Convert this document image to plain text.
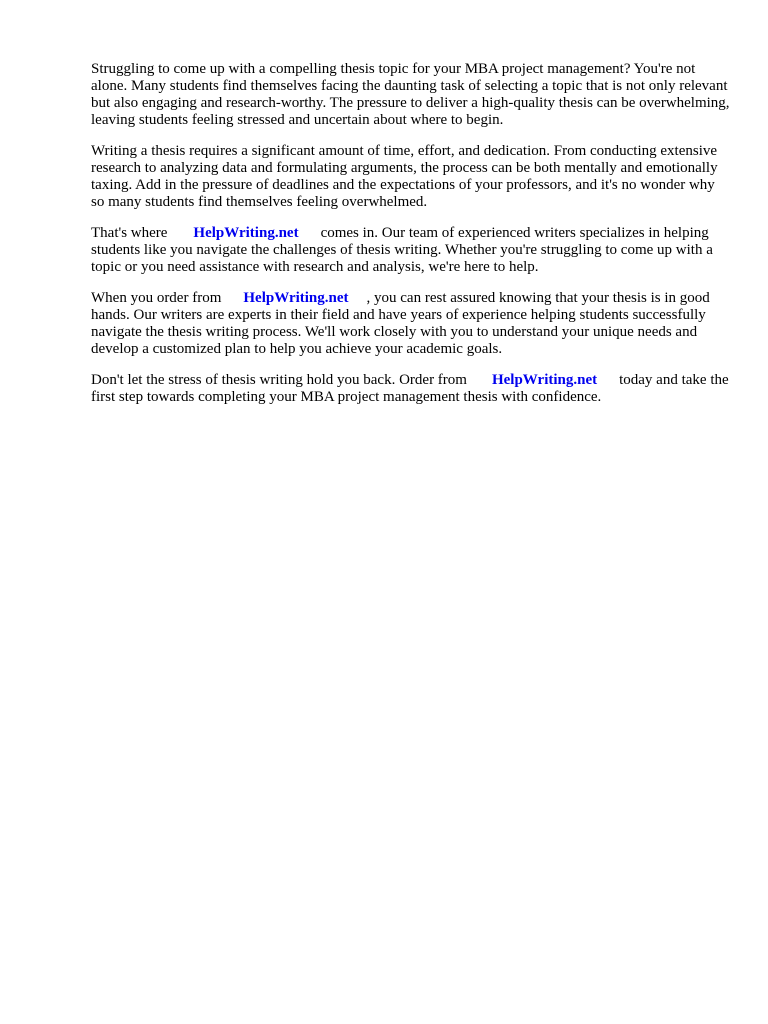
Struggling to come up with a compelling thesis topic for your MBA project management? You're not alone. Many students find themselves facing the daunting task of selecting a topic that is not only relevant but also engaging and research-worthy. The pressure to deliver a high-quality thesis can be overwhelming, leaving students feeling stressed and uncertain about where to begin.

Writing a thesis requires a significant amount of time, effort, and dedication. From conducting extensive research to analyzing data and formulating arguments, the process can be both mentally and emotionally taxing. Add in the pressure of deadlines and the expectations of your professors, and it's no wonder why so many students find themselves feeling overwhelmed.

That's where HelpWriting.net comes in. Our team of experienced writers specializes in helping students like you navigate the challenges of thesis writing. Whether you're struggling to come up with a topic or you need assistance with research and analysis, we're here to help.

When you order from HelpWriting.net , you can rest assured knowing that your thesis is in good hands. Our writers are experts in their field and have years of experience helping students successfully navigate the thesis writing process. We'll work closely with you to understand your unique needs and develop a customized plan to help you achieve your academic goals.

Don't let the stress of thesis writing hold you back. Order from HelpWriting.net today and take the first step towards completing your MBA project management thesis with confidence.
